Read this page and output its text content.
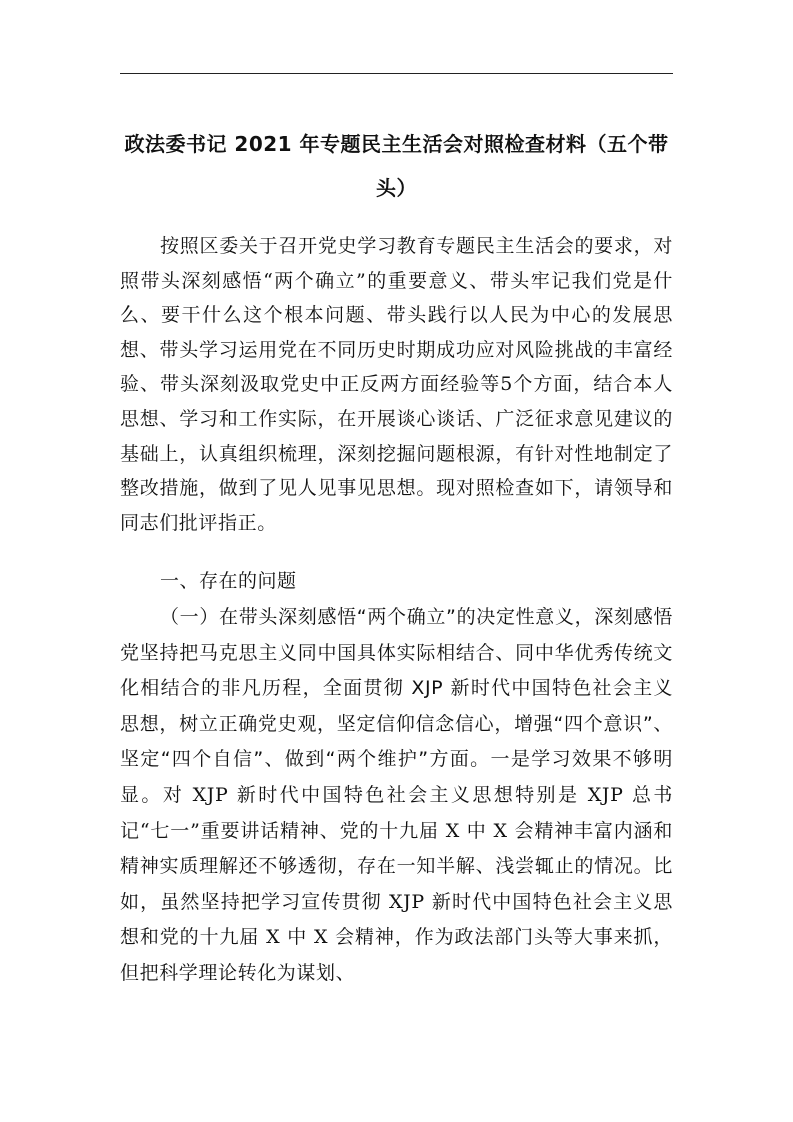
政法委书记 2021 年专题民主生活会对照检查材料（五个带头）
按照区委关于召开党史学习教育专题民主生活会的要求，对照带头深刻感悟“两个确立”的重要意义、带头牢记我们党是什么、要干什么这个根本问题、带头践行以人民为中心的发展思想、带头学习运用党在不同历史时期成功应对风险挑战的丰富经验、带头深刻汲取党史中正反两方面经验等5个方面，结合本人思想、学习和工作实际，在开展谈心谈话、广泛征求意见建议的基础上，认真组织梳理，深刻挖掘问题根源，有针对性地制定了整改措施，做到了见人见事见思想。现对照检查如下，请领导和同志们批评指正。
一、存在的问题
（一）在带头深刻感悟“两个确立”的决定性意义，深刻感悟党坚持把马克思主义同中国具体实际相结合、同中华优秀传统文化相结合的非凡历程，全面贯彻 XJP 新时代中国特色社会主义思想，树立正确党史观，坚定信仰信念信心，增强“四个意识”、坚定“四个自信”、做到“两个维护”方面。一是学习效果不够明显。对 XJP 新时代中国特色社会主义思想特别是 XJP 总书记“七一”重要讲话精神、党的十九届 X 中 X 会精神丰富内涵和精神实质理解还不够透彻，存在一知半解、浅尝辄止的情况。比如，虽然坚持把学习宣传贯彻 XJP 新时代中国特色社会主义思想和党的十九届 X 中 X 会精神，作为政法部门头等大事来抓，但把科学理论转化为谋划、
